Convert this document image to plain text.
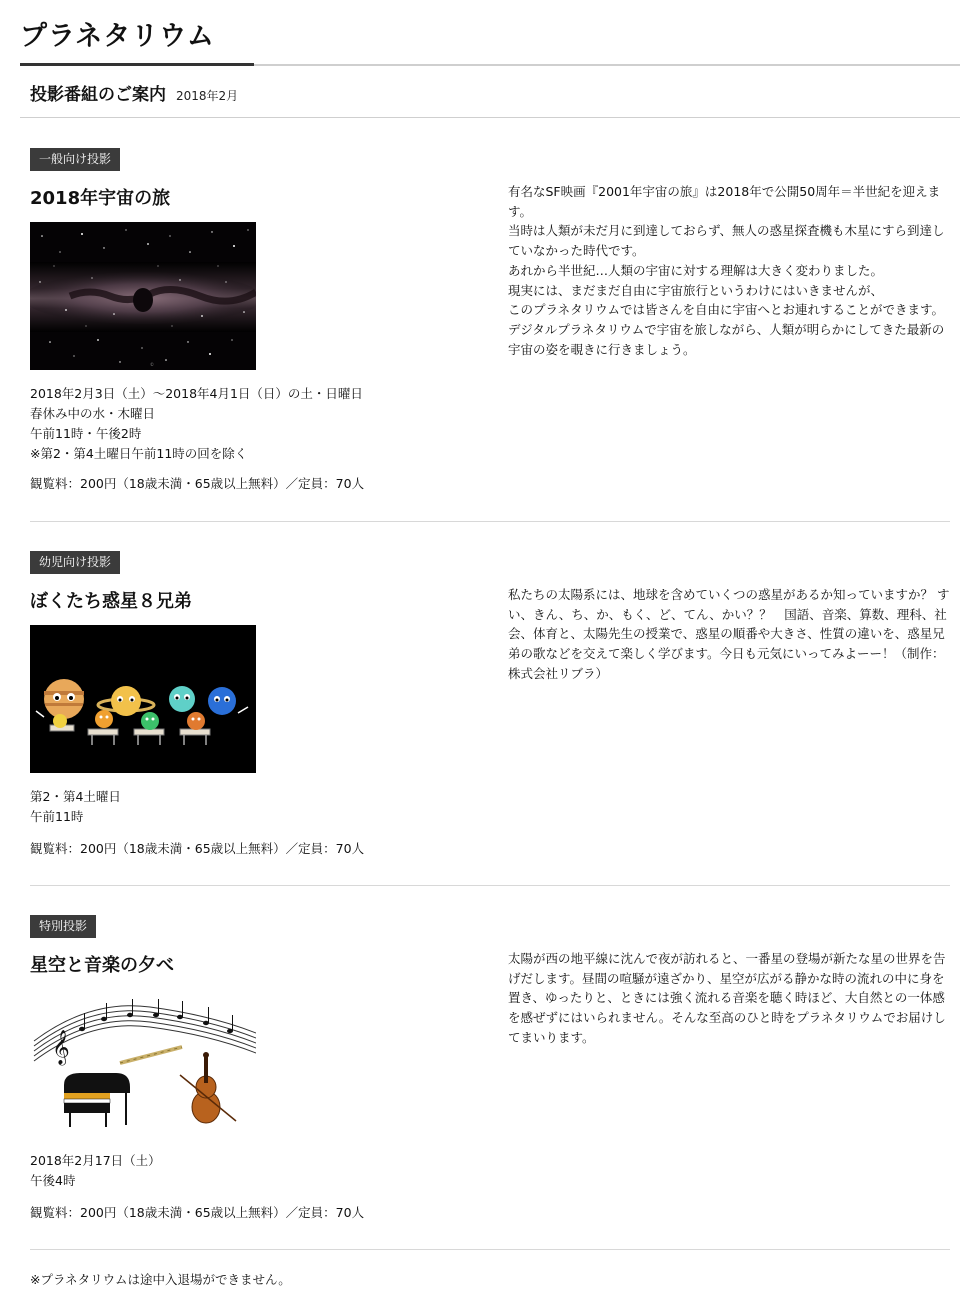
プラネタリウム
投影番組のご案内 2018年2月
一般向け投影
2018年宇宙の旅
©
2018年2月3日（土）～2018年4月1日（日）の土・日曜日
春休み中の水・木曜日
午前11時・午後2時
※第2・第4土曜日午前11時の回を除く
観覧料：200円（18歳未満・65歳以上無料）／定員：70人
有名なSF映画『2001年宇宙の旅』は2018年で公開50周年＝半世紀を迎えます。
当時は人類が未だ月に到達しておらず、無人の惑星探査機も木星にすら到達していなかった時代です。
あれから半世紀…人類の宇宙に対する理解は大きく変わりました。
現実には、まだまだ自由に宇宙旅行というわけにはいきませんが、
このプラネタリウムでは皆さんを自由に宇宙へとお連れすることができます。
デジタルプラネタリウムで宇宙を旅しながら、人類が明らかにしてきた最新の宇宙の姿を覗きに行きましょう。
幼児向け投影
ぼくたち惑星８兄弟
第2・第4土曜日
午前11時
観覧料：200円（18歳未満・65歳以上無料）／定員：70人
私たちの太陽系には、地球を含めていくつの惑星があるか知っていますか？ すい、きん、ち、か、もく、ど、てん、かい？？　国語、音楽、算数、理科、社会、体育と、太陽先生の授業で、惑星の順番や大きさ、性質の違いを、惑星兄弟の歌などを交えて楽しく学びます。今日も元気にいってみよーー！（制作：株式会社リブラ）
特別投影
星空と音楽の夕べ
𝄞
2018年2月17日（土）
午後4時
観覧料：200円（18歳未満・65歳以上無料）／定員：70人
太陽が西の地平線に沈んで夜が訪れると、一番星の登場が新たな星の世界を告げだします。昼間の喧騒が遠ざかり、星空が広がる静かな時の流れの中に身を置き、ゆったりと、ときには強く流れる音楽を聴く時ほど、大自然との一体感を感ぜずにはいられません。そんな至高のひと時をプラネタリウムでお届けしてまいります。
※プラネタリウムは途中入退場ができません。
